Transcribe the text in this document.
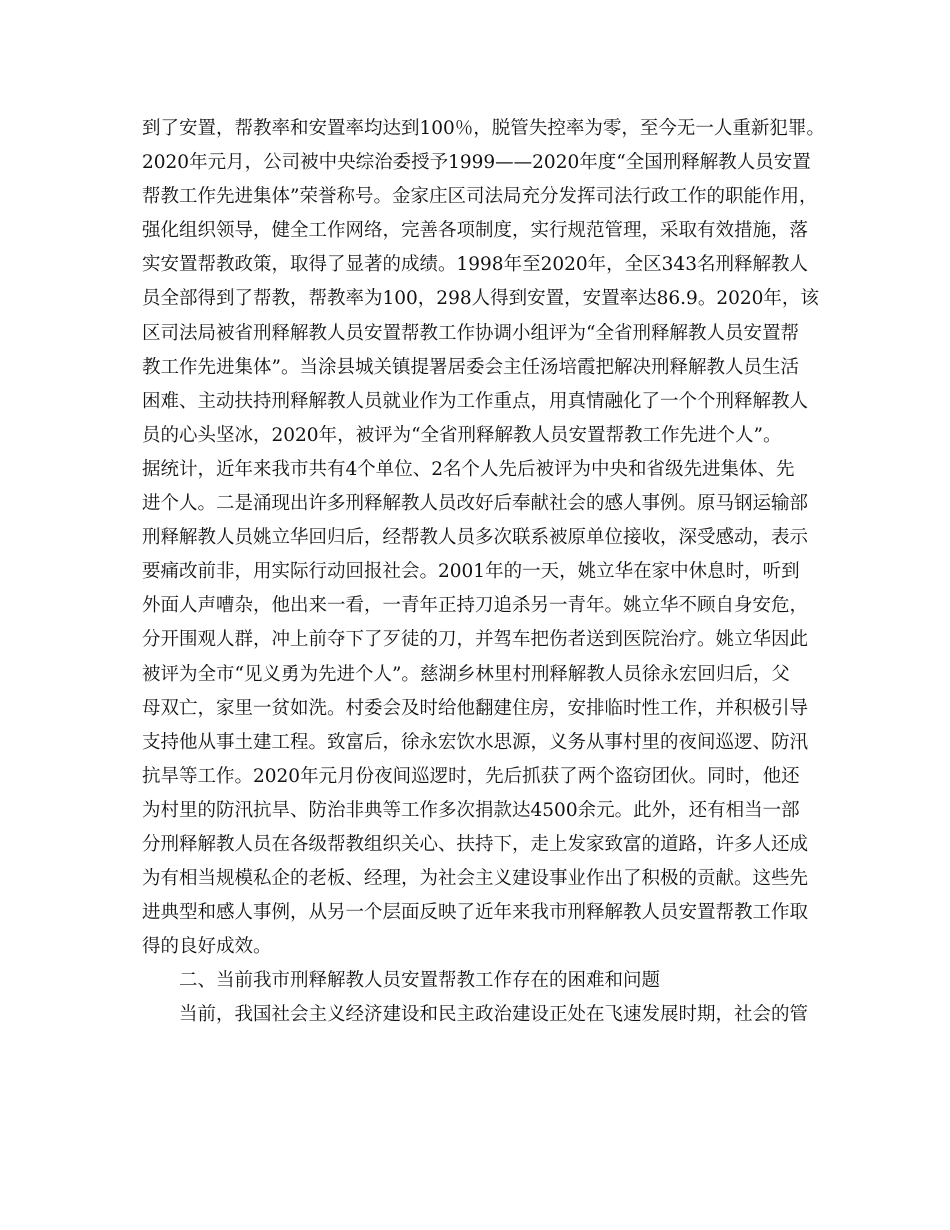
到了安置，帮教率和安置率均达到100％，脱管失控率为零，至今无一人重新犯罪。
2020年元月，公司被中央综治委授予1999——2020年度“全国刑释解教人员安置
帮教工作先进集体”荣誉称号。金家庄区司法局充分发挥司法行政工作的职能作用，
强化组织领导，健全工作网络，完善各项制度，实行规范管理，采取有效措施，落
实安置帮教政策，取得了显著的成绩。1998年至2020年，全区343名刑释解教人
员全部得到了帮教，帮教率为100，298人得到安置，安置率达86.9。2020年，该
区司法局被省刑释解教人员安置帮教工作协调小组评为“全省刑释解教人员安置帮
教工作先进集体”。当涂县城关镇提署居委会主任汤培霞把解决刑释解教人员生活
困难、主动扶持刑释解教人员就业作为工作重点，用真情融化了一个个刑释解教人
员的心头坚冰，2020年，被评为“全省刑释解教人员安置帮教工作先进个人”。
据统计，近年来我市共有4个单位、2名个人先后被评为中央和省级先进集体、先
进个人。二是涌现出许多刑释解教人员改好后奉献社会的感人事例。原马钢运输部
刑释解教人员姚立华回归后，经帮教人员多次联系被原单位接收，深受感动，表示
要痛改前非，用实际行动回报社会。2001年的一天，姚立华在家中休息时，听到
外面人声嘈杂，他出来一看，一青年正持刀追杀另一青年。姚立华不顾自身安危，
分开围观人群，冲上前夺下了歹徒的刀，并驾车把伤者送到医院治疗。姚立华因此
被评为全市“见义勇为先进个人”。慈湖乡林里村刑释解教人员徐永宏回归后，父
母双亡，家里一贫如洗。村委会及时给他翻建住房，安排临时性工作，并积极引导
支持他从事土建工程。致富后，徐永宏饮水思源，义务从事村里的夜间巡逻、防汛
抗旱等工作。2020年元月份夜间巡逻时，先后抓获了两个盗窃团伙。同时，他还
为村里的防汛抗旱、防治非典等工作多次捐款达4500余元。此外，还有相当一部
分刑释解教人员在各级帮教组织关心、扶持下，走上发家致富的道路，许多人还成
为有相当规模私企的老板、经理，为社会主义建设事业作出了积极的贡献。这些先
进典型和感人事例，从另一个层面反映了近年来我市刑释解教人员安置帮教工作取
得的良好成效。
二、当前我市刑释解教人员安置帮教工作存在的困难和问题
当前，我国社会主义经济建设和民主政治建设正处在飞速发展时期，社会的管
